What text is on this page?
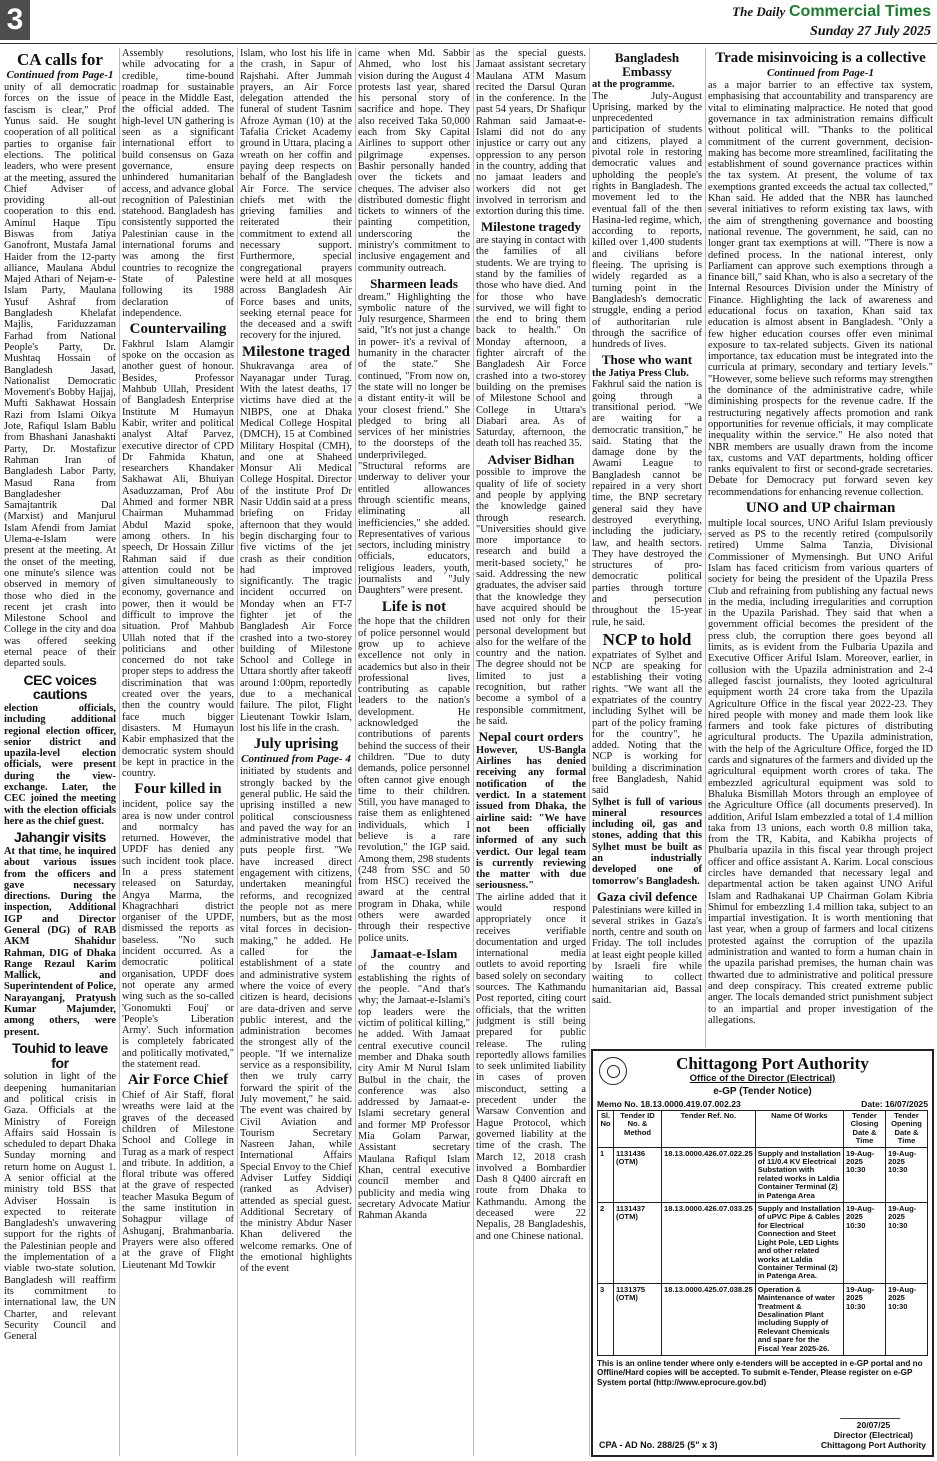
3	The Daily Commercial Times
Sunday 27 July 2025
CA calls for
Continued from Page-1

unity of all democratic forces on the issue of fascism is clear," Prof Yunus said. He sought cooperation of all political parties to organise fair elections. The political leaders, who were present at the meeting, assured the Chief Adviser of providing all-out cooperation to this end. Aminul Haque Tipu Biswas from Jatiya Ganofront, Mustafa Jamal Haider from the 12-party alliance, Maulana Abdul Majed Athari of Nejam-e-Islam Party, Maulana Yusuf Ashraf from Bangladesh Khelafat Majlis, Fariduzzaman Farhad from National People's Party, Dr. Mushtaq Hossain of Bangladesh Jasad, Nationalist Democratic Movement's Bobby Hajjaj, Mufti Sakhawat Hossain Razi from Islami Oikya Jote, Rafiqul Islam Bablu from Bhashani Janashakti Party, Dr. Mostafizur Rahman Iran of Bangladesh Labor Party, Masud Rana from Bangladesher Samajtantrik Dal (Marxist) and Manjurul Islam Afendi from Jamiat Ulema-e-Islam were present at the meeting. At the onset of the meeting, one minute's silence was observed in memory of those who died in the recent jet crash into Milestone School and College in the city and doa was offered seeking eternal peace of their departed souls.

CEC voices cautions

election officials, including additional regional election officer, senior district and upazila-level election officials, were present during the view-exchange. Later, the CEC joined the meeting with the election officials here as the chief guest.

Jahangir visits

At that time, he inquired about various issues from the officers and gave necessary directions. During the inspection, Additional IGP and Director General (DG) of RAB AKM Shahidur Rahman, DIG of Dhaka Range Rezaul Karim Mallick, and Superintendent of Police, Narayanganj, Pratyush Kumar Majumder, among others, were present.

Touhid to leave for

solution in light of the deepening humanitarian and political crisis in Gaza. Officials at the Ministry of Foreign Affairs said Hossain is scheduled to depart Dhaka Sunday morning and return home on August 1. A senior official at the ministry told BSS that Adviser Hossain is expected to reiterate Bangladesh's unwavering support for the rights of the Palestinian people and the implementation of a viable two-state solution. Bangladesh will reaffirm its commitment to international law, the UN Charter, and relevant Security Council and General

Assembly resolutions, while advocating for a credible, time-bound roadmap for sustainable peace in the Middle East, the official added. The high-level UN gathering is seen as a significant international effort to build consensus on Gaza governance, ensure unhindered humanitarian access, and advance global recognition of Palestinian statehood. Bangladesh has consistently supported the Palestinian cause in the international forums and was among the first countries to recognize the State of Palestine following its 1988 declaration of independence.

Countervailing

Fakhrul Islam Alamgir spoke on the occasion as another guest of honour. Besides, Professor Mahbub Ullah, President of Bangladesh Enterprise Institute M Humayun Kabir, writer and political analyst Altaf Parvez, executive director of CPD Dr Fahmida Khatun, researchers Khandaker Sakhawat Ali, Bhuiyan Asaduzzaman, Prof Abu Ahmed and former NBR Chairman Muhammad Abdul Mazid spoke, among others. In his speech, Dr Hossain Zillur Rahman said if due attention could not be given simultaneously to economy, governance and power, then it would be difficult to improve the situation. Prof Mahbub Ullah noted that if the politicians and other concerned do not take proper steps to address the discrimination that was created over the years, then the country would face much bigger disasters. M Humayun Kabir emphasized that the democratic system should be kept in practice in the country.

Four killed in

incident, police say the area is now under control and normalcy has returned. However, the UPDF has denied any such incident took place. In a press statement released on Saturday, Angya Marma, the Khagrachhari district organiser of the UPDF, dismissed the reports as baseless. "No such incident occurred. As a democratic political organisation, UPDF does not operate any armed wing such as the so-called 'Gonomukti Fouj' or 'People's Liberation Army'. Such information is completely fabricated and politically motivated," the statement read.

Air Force Chief

Chief of Air Staff, floral wreaths were laid at the graves of the deceased children of Milestone School and College in Turag as a mark of respect and tribute. In addition, a floral tribute was offered at the grave of respected teacher Masuka Begum of the same institution in Sohagpur village of Ashuganj, Brahmanbaria. Prayers were also offered at the grave of Flight Lieutenant Md Towkir

Islam, who lost his life in the crash, in Sapur of Rajshahi. After Jummah prayers, an Air Force delegation attended the funeral of student Tasnim Afroze Ayman (10) at the Tafalia Cricket Academy ground in Uttara, placing a wreath on her coffin and paying deep respects on behalf of the Bangladesh Air Force. The service chiefs met with the grieving families and reiterated their commitment to extend all necessary support. Furthermore, special congregational prayers were held at all mosques across Bangladesh Air Force bases and units, seeking eternal peace for the deceased and a swift recovery for the injured.

Milestone traged

Shukravanga area of Nayanagar under Turag. With the latest deaths, 17 victims have died at the NIBPS, one at Dhaka Medical College Hospital (DMCH), 15 at Combined Military Hospital (CMH), and one at Shaheed Monsur Ali Medical College Hospital. Director of the institute Prof Dr Nasir Uddin said at a press briefing on Friday afternoon that they would begin discharging four to five victims of the jet crash as their condition had improved significantly. The tragic incident occurred on Monday when an FT-7 fighter jet of the Bangladesh Air Force crashed into a two-storey building of Milestone School and College in Uttara shortly after takeoff around 1:00pm, reportedly due to a mechanical failure. The pilot, Flight Lieutenant Towkir Islam, lost his life in the crash.

July uprising
Continued from Page- 4

initiated by students and strongly backed by the general public. He said the uprising instilled a new political consciousness and paved the way for an administrative model that puts people first. "We have increased direct engagement with citizens, undertaken meaningful reforms, and recognized the people not as mere numbers, but as the most vital forces in decision-making," he added. He called for the establishment of a state and administrative system where the voice of every citizen is heard, decisions are data-driven and serve public interest, and the administration becomes the strongest ally of the people. "If we internalize service as a responsibility, then we truly carry forward the spirit of the July movement," he said. The event was chaired by Civil Aviation and Tourism Secretary Nasreen Jahan, while International Affairs Special Envoy to the Chief Adviser Lutfey Siddiqi (ranked as Adviser) attended as special guest. Additional Secretary of the ministry Abdur Naser Khan delivered the welcome remarks. One of the emotional highlights of the event

came when Md. Sabbir Ahmed, who lost his vision during the August 4 protests last year, shared his personal story of sacrifice and hope. They also received Taka 50,000 each from Sky Capital Airlines to support other pilgrimage expenses. Bashir personally handed over the tickets and cheques. The adviser also distributed domestic flight tickets to winners of the painting competition, underscoring the ministry's commitment to inclusive engagement and community outreach.

Sharmeen leads

dream." Highlighting the symbolic nature of the July resurgence, Sharmeen said, "It's not just a change in power- it's a revival of humanity in the character of the state." She continued, "From now on, the state will no longer be a distant entity-it will be your closest friend." She pledged to bring all services of her ministries to the doorsteps of the underprivileged. "Structural reforms are underway to deliver your entitled allowances through scientific means, eliminating all inefficiencies," she added. Representatives of various sectors, including ministry officials, educators, religious leaders, youth, journalists and "July Daughters" were present.

Life is not

the hope that the children of police personnel would grow up to achieve excellence not only in academics but also in their professional lives, contributing as capable leaders to the nation's development. He acknowledged the contributions of parents behind the success of their children. "Due to duty demands, police personnel often cannot give enough time to their children. Still, you have managed to raise them as enlightened individuals, which I believe is a rare revolution," the IGP said. Among them, 298 students (248 from SSC and 50 from HSC) received the award at the central program in Dhaka, while others were awarded through their respective police units.

Jamaat-e-Islam

of the country and establishing the rights of the people. "And that's why; the Jamaat-e-Islami's top leaders were the victim of political killing," he added. With Jamaat central executive council member and Dhaka south city Amir M Nurul Islam Bulbul in the chair, the conference was also addressed by Jamaat-e-Islami secretary general and former MP Professor Mia Golam Parwar, Assistant secretary Maulana Rafiqul Islam Khan, central executive council member and publicity and media wing secretary Advocate Matiur Rahman Akanda

as the special guests. Jamaat assistant secretary Maulana ATM Masum recited the Darsul Quran in the conference. In the past 54 years, Dr Shafiqur Rahman said Jamaat-e-Islami did not do any injustice or carry out any oppression to any person in the country, adding that no jamaat leaders and workers did not get involved in terrorism and extortion during this time.

Milestone tragedy

are staying in contact with the families of all students. We are trying to stand by the families of those who have died. And for those who have survived, we will fight to the end to bring them back to health." On Monday afternoon, a fighter aircraft of the Bangladesh Air Force crashed into a two-storey building on the premises of Milestone School and College in Uttara's Diabari area. As of Saturday, afternoon, the death toll has reached 35.

Adviser Bidhan

possible to improve the quality of life of society and people by applying the knowledge gained through research. "Universities should give more importance to research and build a merit-based society," he said. Addressing the new graduates, the adviser said that the knowledge they have acquired should be used not only for their personal development but also for the welfare of the country and the nation. The degree should not be limited to just a recognition, but rather become a symbol of a responsible commitment, he said.

Nepal court orders

However, US-Bangla Airlines has denied receiving any formal notification of the verdict. In a statement issued from Dhaka, the airline said: "We have not been officially informed of any such verdict. Our legal team is currently reviewing the matter with due seriousness."

The airline added that it would respond appropriately once it receives verifiable documentation and urged international media outlets to avoid reporting based solely on secondary sources. The Kathmandu Post reported, citing court officials, that the written judgment is still being prepared for public release. The ruling reportedly allows families to seek unlimited liability in cases of proven misconduct, setting a precedent under the Warsaw Convention and Hague Protocol, which governed liability at the time of the crash. The March 12, 2018 crash involved a Bombardier Dash 8 Q400 aircraft en route from Dhaka to Kathmandu. Among the deceased were 22 Nepalis, 28 Bangladeshis, and one Chinese national.

Bangladesh Embassy

at the programme.

The July-August Uprising, marked by the unprecedented participation of students and citizens, played a pivotal role in restoring democratic values and upholding the people's rights in Bangladesh. The movement led to the eventual fall of the then Hasina-led regime, which, according to reports, killed over 1,400 students and civilians before fleeing. The uprising is widely regarded as a turning point in the Bangladesh's democratic struggle, ending a period of authoritarian rule through the sacrifice of hundreds of lives.

Those who want

the Jatiya Press Club.

Fakhrul said the nation is going through a transitional period. "We are waiting for a democratic transition," he said. Stating that the damage done by the Awami League to Bangladesh cannot be repaired in a very short time, the BNP secretary general said they have destroyed everything, including the judiciary, law, and health sectors. They have destroyed the structures of pro-democratic political parties through torture and persecution throughout the 15-year rule, he said.

NCP to hold

expatriates of Sylhet and NCP are speaking for establishing their voting rights. "We want all the expatriates of the country including Sylhet will be part of the policy framing for the country", he added. Noting that the NCP is working for building a discrimination free Bangladesh, Nahid said

Sylhet is full of various mineral resources including oil, gas and stones, adding that this Sylhet must be built as an industrially developed one of tomorrow's Bangladesh.

Gaza civil defence

Palestinians were killed in several strikes in Gaza's north, centre and south on Friday. The toll includes at least eight people killed by Israeli fire while waiting to collect humanitarian aid, Bassal said.

Trade misinvoicing is a collective
Continued from Page-1

as a major barrier to an effective tax system, emphasising that accountability and transparency are vital to eliminating malpractice. He noted that good governance in tax administration remains difficult without political will. "Thanks to the political commitment of the current government, decision-making has become more streamlined, facilitating the establishment of sound governance practices within the tax system. At present, the volume of tax exemptions granted exceeds the actual tax collected," Khan said. He added that the NBR has launched several initiatives to reform existing tax laws, with the aim of strengthening governance and boosting national revenue. The government, he said, can no longer grant tax exemptions at will. "There is now a defined process. In the national interest, only Parliament can approve such exemptions through a finance bill," said Khan, who is also a secretary of the Internal Resources Division under the Ministry of Finance. Highlighting the lack of awareness and educational focus on taxation, Khan said tax education is almost absent in Bangladesh. "Only a few higher education courses offer even minimal exposure to tax-related subjects. Given its national importance, tax education must be integrated into the curricula at primary, secondary and tertiary levels." "However, some believe such reforms may strengthen the dominance of the administrative cadre, while diminishing prospects for the revenue cadre. If the restructuring negatively affects promotion and rank opportunities for revenue officials, it may complicate inequality within the service." He also noted that NBR members are usually drawn from the income tax, customs and VAT departments, holding officer ranks equivalent to first or second-grade secretaries. Debate for Democracy put forward seven key recommendations for enhancing revenue collection.

UNO and UP chairman

multiple local sources, UNO Ariful Islam previously served as PS to the recently retired (compulsorily retired) Umme Salma Tanzia, Divisional Commissioner of Mymensingh. But UNO Ariful Islam has faced criticism from various quarters of society for being the president of the Upazila Press Club and refraining from publishing any factual news in the media, including irregularities and corruption in the Upazila Parishad. They said that when a government official becomes the president of the press club, the corruption there goes beyond all limits, as is evident from the Fulbaria Upazila and Executive Officer Ariful Islam. Moreover, earlier, in collusion with the Upazila administration and 2-4 alleged fascist journalists, they looted agricultural equipment worth 24 crore taka from the Upazila Agriculture Office in the fiscal year 2022-23. They hired people with money and made them look like farmers and took fake pictures of distributing agricultural products. The Upazila administration, with the help of the Agriculture Office, forged the ID cards and signatures of the farmers and divided up the agricultural equipment worth crores of taka. The embezzled agricultural equipment was sold to Bhaluka Bismillah Motors through an employee of the Agriculture Office (all documents preserved). In addition, Ariful Islam embezzled a total of 1.4 million taka from 13 unions, each worth 0.8 million taka, from the TR, Kabita, and Kabikha projects of Phulbaria upazila in this fiscal year through project officer and office assistant A. Karim. Local conscious circles have demanded that necessary legal and departmental action be taken against UNO Ariful Islam and Radhakanai UP Chairman Golam Kibria Shimul for embezzling 1.4 million taka, subject to an impartial investigation. It is worth mentioning that last year, when a group of farmers and local citizens protested against the corruption of the upazila administration and wanted to form a human chain in the upazila parishad premises, the human chain was thwarted due to administrative and political pressure and deep conspiracy. This created extreme public anger. The locals demanded strict punishment subject to an impartial and proper investigation of the allegations.

Chittagong Port Authority
Office of the Director (Electrical)
e-GP (Tender Notice)
Memo No. 18.13.0000.419.07.002.23	Date: 16/07/2025
Sl. No	Tender ID No. & Method	Tender Ref. No.	Name Of Works	Tender Closing Date & Time	Tender Opening Date & Time
1	1131436 (OTM)	18.13.0000.426.07.022.25	Supply and Installation of 11/0.4 KV Electrical Substation with related works in Laldia Container Terminal (2) in Patenga Area	19-Aug-2025 10:30	19-Aug-2025 10:30
2	1131437 (OTM)	18.13.0000.426.07.033.25	Supply and Installation of uPVC Pipe & Cables for Electrical Connection and Steet Light Pole, LED Lights and other related works at Laldia Container Terminal (2) in Patenga Area.	19-Aug-2025 10:30	19-Aug-2025 10:30
3	1131375 (OTM)	18.13.0000.425.07.038.25	Operation & Maintenance of water Treatment & Desalination Plant including Supply of Relevant Chemicals and spare for the Fiscal Year 2025-26.	19-Aug-2025 10:30	19-Aug-2025 10:30
This is an online tender where only e-tenders will be accepted in e-GP portal and no Offline/Hard copies will be accepted. To submit e-Tender, Please register on e-GP System portal (http://www.eprocure.gov.bd)
CPA - AD No. 288/25 (5" x 3)
20/07/25
Director (Electrical)
Chittagong Port Authority
